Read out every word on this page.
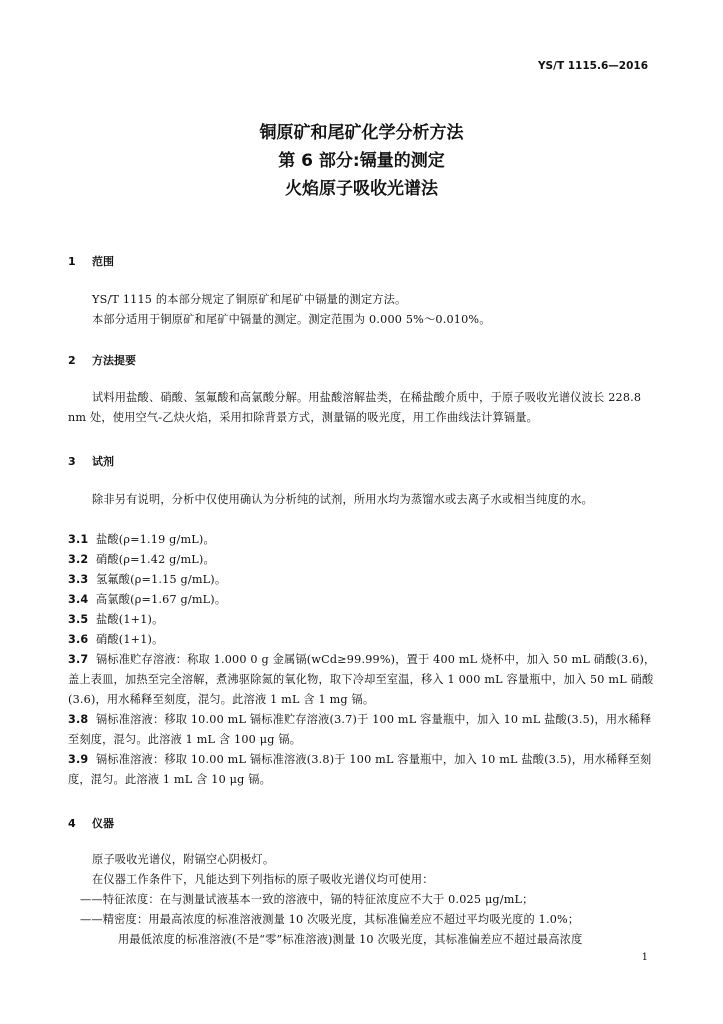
YS/T 1115.6—2016
铜原矿和尾矿化学分析方法
第 6 部分:镉量的测定
火焰原子吸收光谱法
1 范围
YS/T 1115 的本部分规定了铜原矿和尾矿中镉量的测定方法。
本部分适用于铜原矿和尾矿中镉量的测定。测定范围为 0.000 5%～0.010%。
2 方法提要
试料用盐酸、硝酸、氢氟酸和高氯酸分解。用盐酸溶解盐类，在稀盐酸介质中，于原子吸收光谱仪波长 228.8 nm 处，使用空气-乙炔火焰，采用扣除背景方式，测量镉的吸光度，用工作曲线法计算镉量。
3 试剂
除非另有说明，分析中仅使用确认为分析纯的试剂，所用水均为蒸馏水或去离子水或相当纯度的水。
3.1 盐酸(ρ=1.19 g/mL)。
3.2 硝酸(ρ=1.42 g/mL)。
3.3 氢氟酸(ρ=1.15 g/mL)。
3.4 高氯酸(ρ=1.67 g/mL)。
3.5 盐酸(1+1)。
3.6 硝酸(1+1)。
3.7 镉标准贮存溶液：称取 1.000 0 g 金属镉(wCd≥99.99%)，置于 400 mL 烧杯中，加入 50 mL 硝酸(3.6)，盖上表皿，加热至完全溶解，煮沸驱除氮的氧化物，取下冷却至室温，移入 1 000 mL 容量瓶中，加入 50 mL 硝酸(3.6)，用水稀释至刻度，混匀。此溶液 1 mL 含 1 mg 镉。
3.8 镉标准溶液：移取 10.00 mL 镉标准贮存溶液(3.7)于 100 mL 容量瓶中，加入 10 mL 盐酸(3.5)，用水稀释至刻度，混匀。此溶液 1 mL 含 100 μg 镉。
3.9 镉标准溶液：移取 10.00 mL 镉标准溶液(3.8)于 100 mL 容量瓶中，加入 10 mL 盐酸(3.5)，用水稀释至刻度，混匀。此溶液 1 mL 含 10 μg 镉。
4 仪器
原子吸收光谱仪，附镉空心阴极灯。
在仪器工作条件下，凡能达到下列指标的原子吸收光谱仪均可使用：
——特征浓度：在与测量试液基本一致的溶液中，镉的特征浓度应不大于 0.025 μg/mL；
——精密度：用最高浓度的标准溶液测量 10 次吸光度，其标准偏差应不超过平均吸光度的 1.0%；
用最低浓度的标准溶液(不是“零”标准溶液)测量 10 次吸光度，其标准偏差应不超过最高浓度
1
